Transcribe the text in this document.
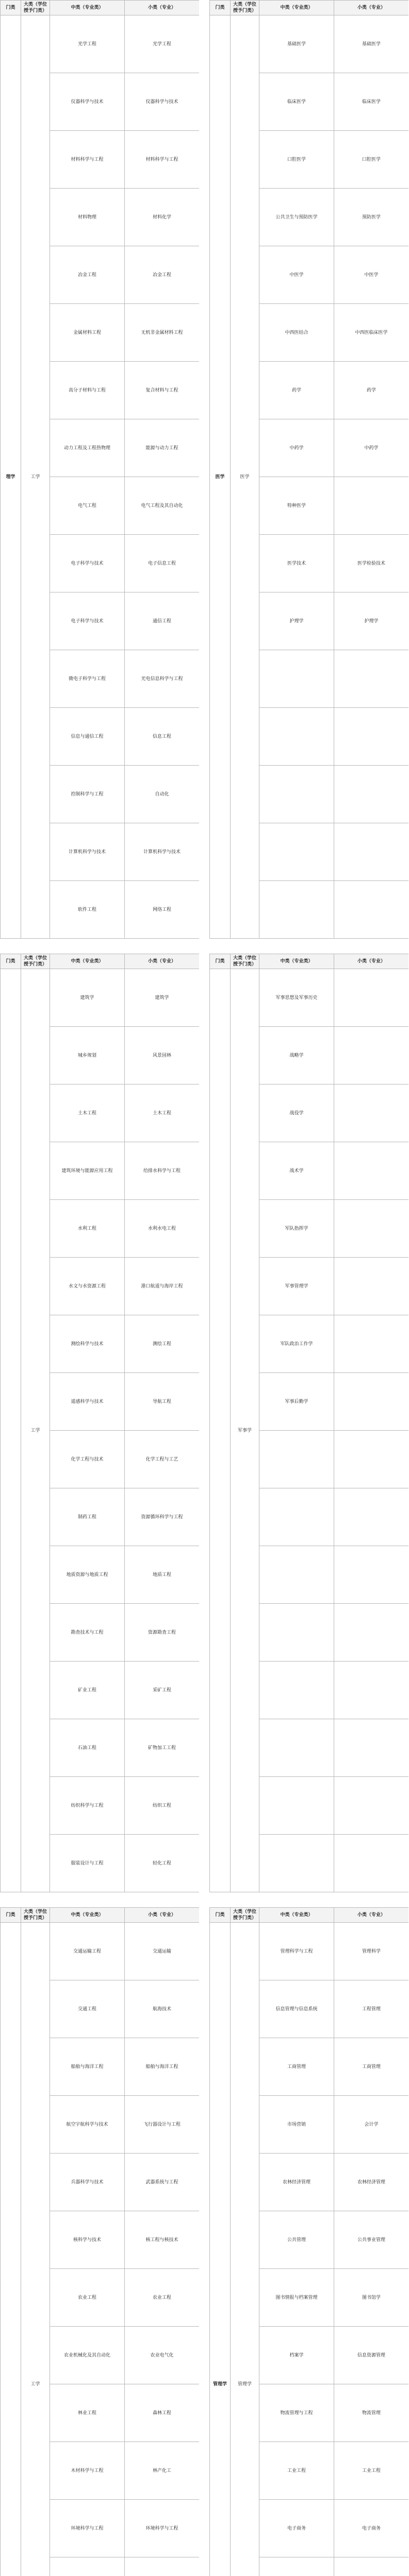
门类	大类（学位授予门类）	中类（专业类）	小类（专业）
理学	工学	光学工程	光学工程
		仪器科学与技术	仪器科学与技术
		材料科学与工程	材料科学与工程
		材料物理	材料化学
		冶金工程	冶金工程
		金属材料工程	无机非金属材料工程
		高分子材料与工程	复合材料与工程
		动力工程及工程热物理	能源与动力工程
		电气工程	电气工程及其自动化
		电子科学与技术	电子信息工程
		电子科学与技术	通信工程
		微电子科学与工程	光电信息科学与工程
		信息与通信工程	信息工程
		控制科学与工程	自动化
		计算机科学与技术	计算机科学与技术
		软件工程	网络工程
门类	大类（学位授予门类）	中类（专业类）	小类（专业）
	工学	建筑学	建筑学
		城乡规划	风景园林
		土木工程	土木工程
		建筑环境与能源应用工程	给排水科学与工程
		水利工程	水利水电工程
		水文与水资源工程	港口航道与海岸工程
		测绘科学与技术	测绘工程
		遥感科学与技术	导航工程
		化学工程与技术	化学工程与工艺
		制药工程	资源循环科学与工程
		地质资源与地质工程	地质工程
		勘查技术与工程	资源勘查工程
		矿业工程	采矿工程
		石油工程	矿物加工工程
		纺织科学与工程	纺织工程
		服装设计与工程	轻化工程
门类	大类（学位授予门类）	中类（专业类）	小类（专业）
	工学	交通运输工程	交通运输
		交通工程	航海技术
		船舶与海洋工程	船舶与海洋工程
		航空宇航科学与技术	飞行器设计与工程
		兵器科学与技术	武器系统与工程
		核科学与技术	核工程与核技术
		农业工程	农业工程
		农业机械化及其自动化	农业电气化
		林业工程	森林工程
		木材科学与工程	林产化工
		环境科学与工程	环境科学与工程

门类	大类（学位授予门类）	中类（专业类）	小类（专业）
医学	医学	基础医学	基础医学
		临床医学	临床医学
		口腔医学	口腔医学
		公共卫生与预防医学	预防医学
		中医学	中医学
		中西医结合	中西医临床医学
		药学	药学
		中药学	中药学
		特种医学	
		医学技术	医学检验技术
		护理学	护理学

门类	大类（学位授予门类）	中类（专业类）	小类（专业）
	军事学	军事思想及军事历史	
		战略学	
		战役学	
		战术学	
		军队指挥学	
		军事管理学	
		军队政治工作学	
		军事后勤学	

门类	大类（学位授予门类）	中类（专业类）	小类（专业）
管理学	管理学	管理科学与工程	管理科学
		信息管理与信息系统	工程管理
		工商管理	工商管理
		市场营销	会计学
		农林经济管理	农林经济管理
		公共管理	公共事业管理
		图书情报与档案管理	图书馆学
		档案学	信息资源管理
		物流管理与工程	物流管理
		工业工程	工业工程
		电子商务	电子商务
